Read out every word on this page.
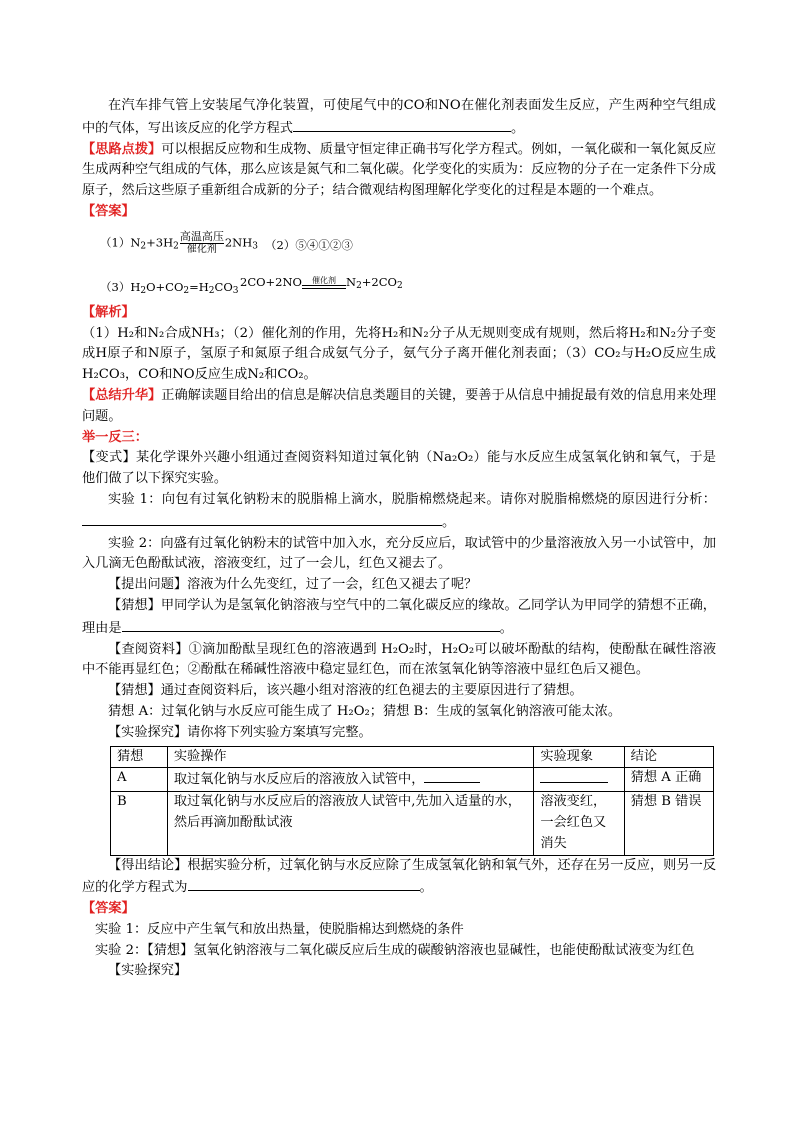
在汽车排气管上安装尾气净化装置，可使尾气中的CO和NO在催化剂表面发生反应，产生两种空气组成中的气体，写出该反应的化学方程式	。

【思路点拨】可以根据反应物和生成物、质量守恒定律正确书写化学方程式。例如，一氧化碳和一氧化氮反应生成两种空气组成的气体，那么应该是氮气和二氧化碳。化学变化的实质为：反应物的分子在一定条件下分成原子，然后这些原子重新组合成新的分子；结合微观结构图理解化学变化的过程是本题的一个难点。

【答案】

$(1)N_2+3H_2$
高温高压
催化剂 $2NH_3$ （2）⑤④①②③
$(3)H_2O+CO_2=H_2CO_3$
2CO+2NO 催化剂 $N_2+2CO_2$

【解析】

（1）H₂和N₂合成NH₃；（2）催化剂的作用，先将H₂和N₂分子从无规则变成有规则，然后将H₂和N₂分子变成H原子和N原子，氢原子和氮原子组合成氨气分子，氨气分子离开催化剂表面；（3）CO₂与H₂O反应生成H₂CO₃，CO和NO反应生成N₂和CO₂。

【总结升华】正确解读题目给出的信息是解决信息类题目的关键，要善于从信息中捕捉最有效的信息用来处理问题。

举一反三：

【变式】某化学课外兴趣小组通过查阅资料知道过氧化钠（Na₂O₂）能与水反应生成氢氧化钠和氧气，于是他们做了以下探究实验。

实验 1：向包有过氧化钠粉末的脱脂棉上滴水，脱脂棉燃烧起来。请你对脱脂棉燃烧的原因进行分析：。

实验 2：向盛有过氧化钠粉末的试管中加入水，充分反应后，取试管中的少量溶液放入另一小试管中，加入几滴无色酚酞试液，溶液变红，过了一会儿，红色又褪去了。

【提出问题】溶液为什么先变红，过了一会，红色又褪去了呢？

【猜想】甲同学认为是氢氧化钠溶液与空气中的二氧化碳反应的缘故。乙同学认为甲同学的猜想不正确，理由是	。

【查阅资料】①滴加酚酞呈现红色的溶液遇到 H₂O₂时，H₂O₂可以破坏酚酞的结构，使酚酞在碱性溶液中不能再显红色；②酚酞在稀碱性溶液中稳定显红色，而在浓氢氧化钠等溶液中显红色后又褪色。

【猜想】通过查阅资料后，该兴趣小组对溶液的红色褪去的主要原因进行了猜想。

猜想 A：过氧化钠与水反应可能生成了 H₂O₂；猜想 B：生成的氢氧化钠溶液可能太浓。

【实验探究】请你将下列实验方案填写完整。

猜想	实验操作	实验现象	结论
A	取过氧化钠与水反应后的溶液放入试管中，		猜想 A 正确
B	取过氧化钠与水反应后的溶液放人试管中,先加入适量的水，然后再滴加酚酞试液	溶液变红，一会红色又消失	猜想 B 错误

【得出结论】根据实验分析，过氧化钠与水反应除了生成氢氧化钠和氧气外，还存在另一反应，则另一反应的化学方程式为	。

【答案】

实验 1：反应中产生氧气和放出热量，使脱脂棉达到燃烧的条件

实验 2：【猜想】氢氧化钠溶液与二氧化碳反应后生成的碳酸钠溶液也显碱性，也能使酚酞试液变为红色

【实验探究】
